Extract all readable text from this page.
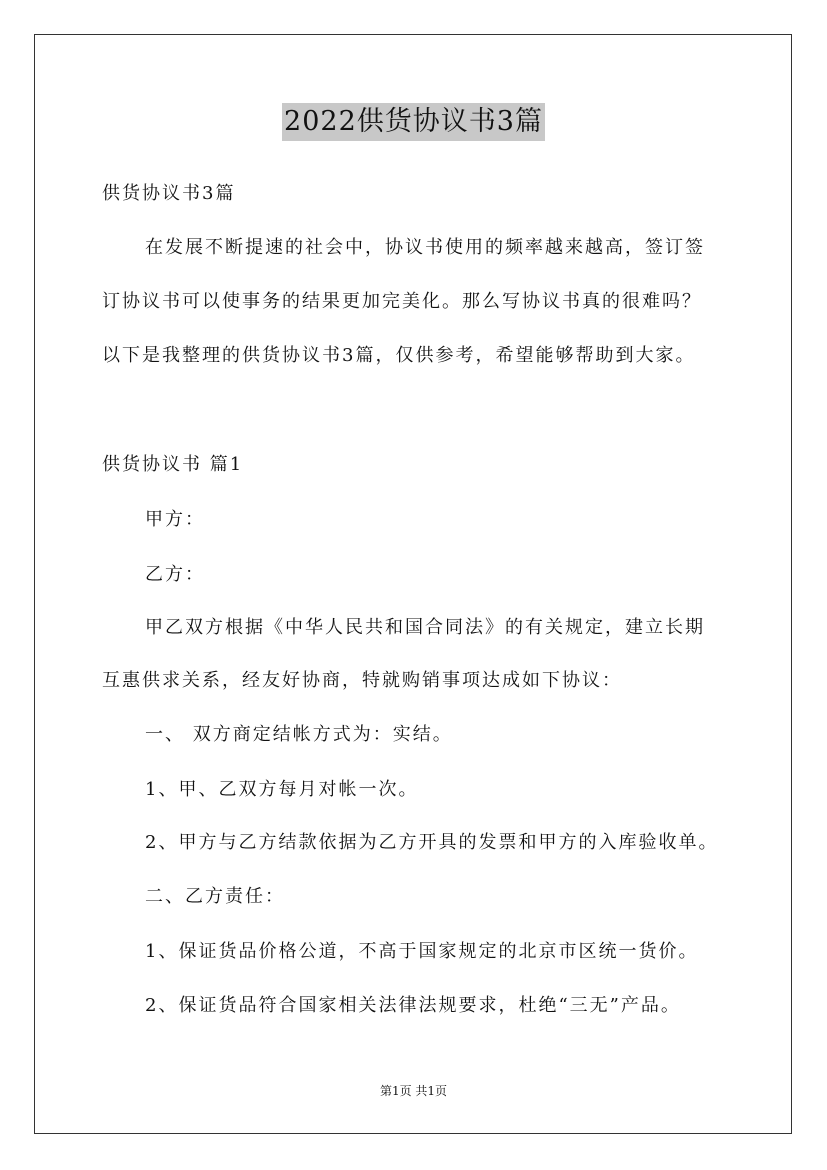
2022供货协议书3篇
供货协议书3篇
在发展不断提速的社会中，协议书使用的频率越来越高，签订签
订协议书可以使事务的结果更加完美化。那么写协议书真的很难吗？
以下是我整理的供货协议书3篇，仅供参考，希望能够帮助到大家。
供货协议书 篇1
甲方：
乙方：
甲乙双方根据《中华人民共和国合同法》的有关规定，建立长期
互惠供求关系，经友好协商，特就购销事项达成如下协议：
一、 双方商定结帐方式为：实结。
1、甲、乙双方每月对帐一次。
2、甲方与乙方结款依据为乙方开具的发票和甲方的入库验收单。
二、乙方责任：
1、保证货品价格公道，不高于国家规定的北京市区统一货价。
2、保证货品符合国家相关法律法规要求，杜绝“三无”产品。
第1页 共1页
